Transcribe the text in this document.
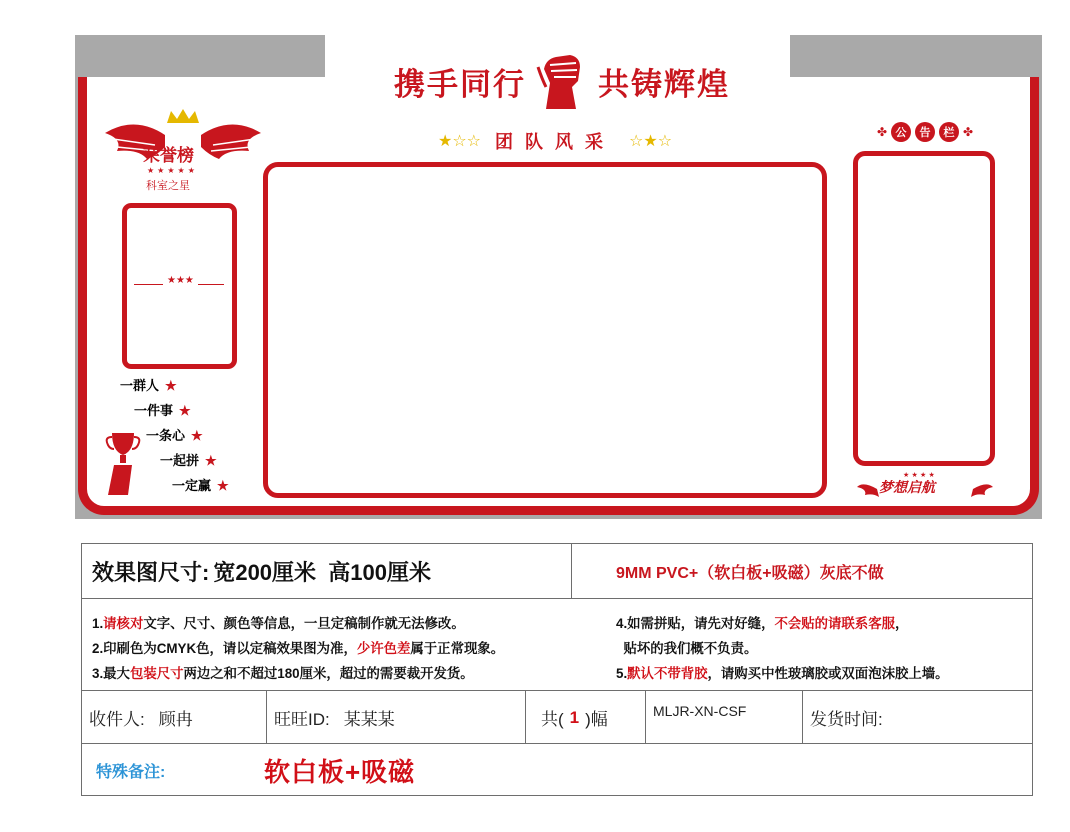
携手同行 共铸辉煌
荣誉榜
★★★★★
科室之星
★★★
一群人 ★
一件事 ★
一条心 ★
一起拼 ★
一定赢 ★
★☆☆ 团队风采 ☆★☆	✤ 公	告	栏 ✤
★ ★ ★ ★
梦想启航
效果图尺寸: 宽200厘米  高100厘米	9MM PVC+（软白板+吸磁）灰底不做
1.请核对文字、尺寸、颜色等信息，一旦定稿制作就无法修改。
2.印刷色为CMYK色，请以定稿效果图为准，少许色差属于正常现象。
3.最大包装尺寸两边之和不超过180厘米，超过的需要裁开发货。
4.如需拼贴，请先对好缝，不会贴的请联系客服，
贴坏的我们概不负责。
5.默认不带背胶，请购买中性玻璃胶或双面泡沫胶上墙。
收件人: 顾冉	旺旺ID: 某某某	共( 1 )幅	MLJR-XN-CSF	发货时间:
特殊备注:	软白板+吸磁
